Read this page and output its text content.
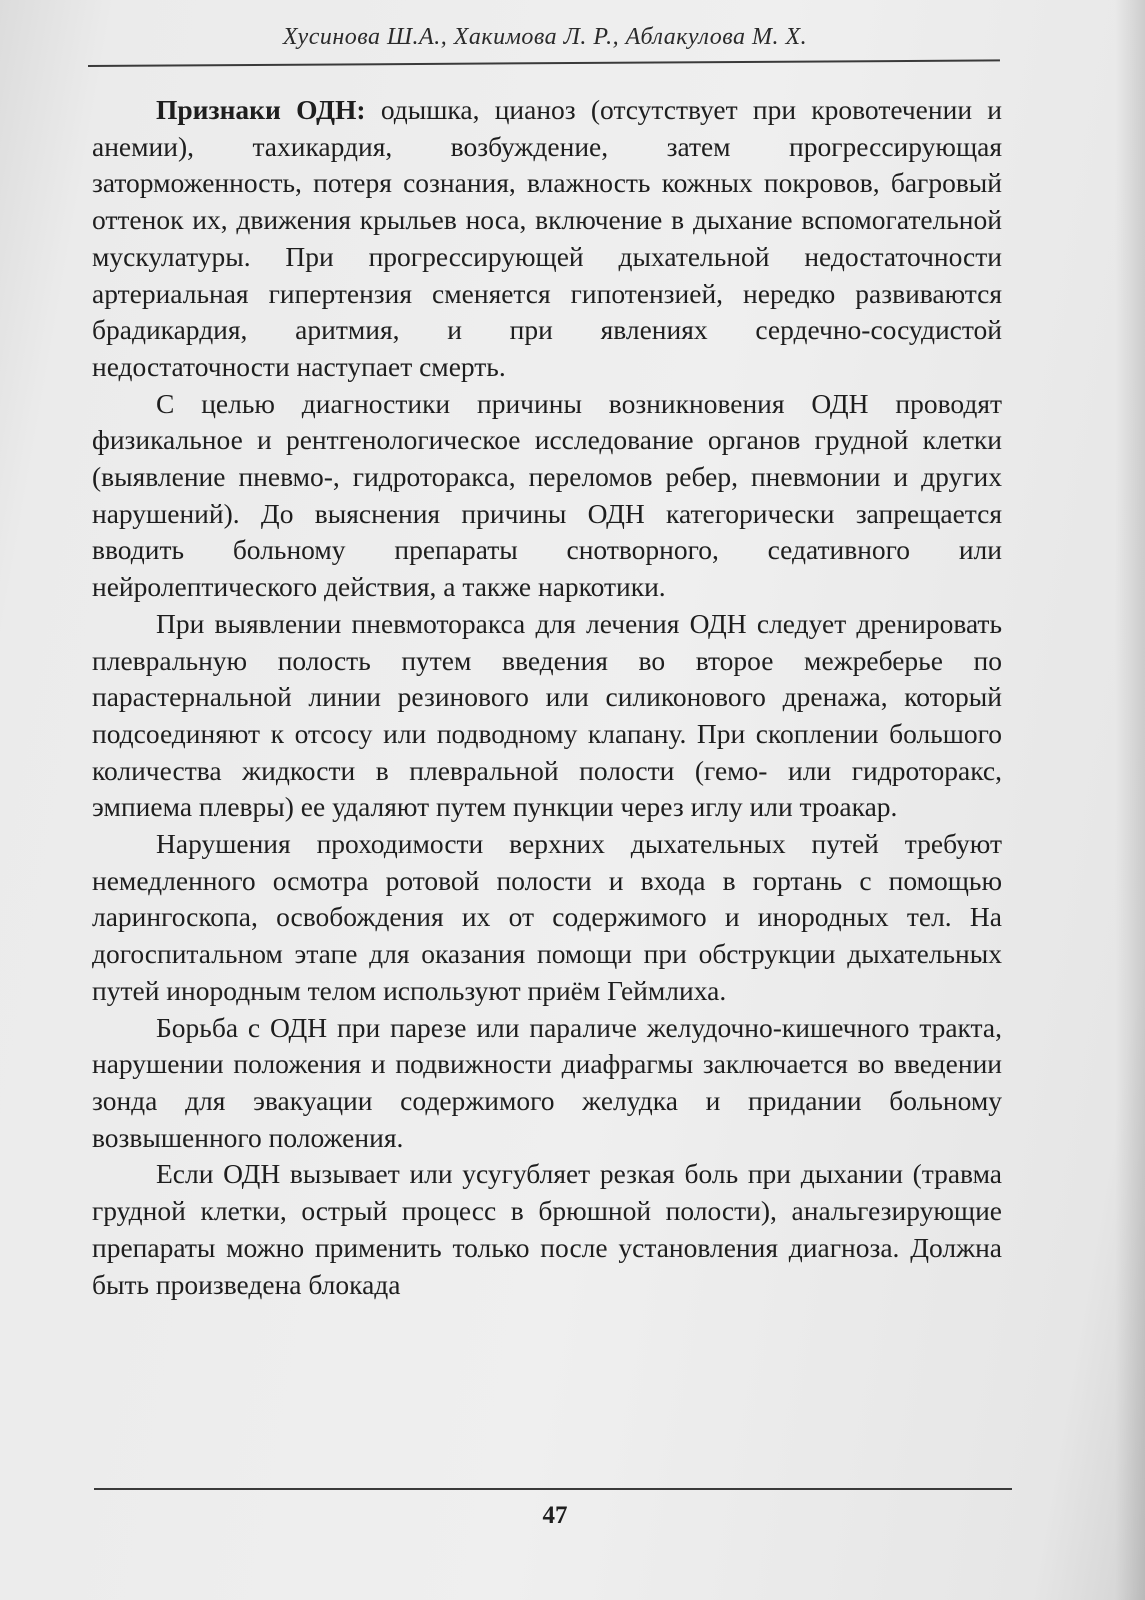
Хусинова Ш.А., Хакимова Л. Р., Аблакулова М. Х.

Признаки ОДН: одышка, цианоз (отсутствует при кровотечении и анемии), тахикардия, возбуждение, затем прогрессирующая заторможенность, потеря сознания, влажность кожных покровов, багровый оттенок их, движения крыльев носа, включение в дыхание вспомогательной мускулатуры. При прогрессирующей дыхательной недостаточности артериальная гипертензия сменяется гипотензией, нередко развиваются брадикардия, аритмия, и при явлениях сердечно-сосудистой недостаточности наступает смерть.

С целью диагностики причины возникновения ОДН проводят физикальное и рентгенологическое исследование органов грудной клетки (выявление пневмо-, гидроторакса, переломов ребер, пневмонии и других нарушений). До выяснения причины ОДН категорически запрещается вводить больному препараты снотворного, седативного или нейролептического действия, а также наркотики.

При выявлении пневмоторакса для лечения ОДН следует дренировать плевральную полость путем введения во второе межреберье по парастернальной линии резинового или силиконового дренажа, который подсоединяют к отсосу или подводному клапану. При скоплении большого количества жидкости в плевральной полости (гемо- или гидроторакс, эмпиема плевры) ее удаляют путем пункции через иглу или троакар.

Нарушения проходимости верхних дыхательных путей требуют немедленного осмотра ротовой полости и входа в гортань с помощью ларингоскопа, освобождения их от содержимого и инородных тел. На догоспитальном этапе для оказания помощи при обструкции дыхательных путей инородным телом используют приём Геймлиха.

Борьба с ОДН при парезе или параличе желудочно-кишечного тракта, нарушении положения и подвижности диафрагмы заключается во введении зонда для эвакуации содержимого желудка и придании больному возвышенного положения.

Если ОДН вызывает или усугубляет резкая боль при дыхании (травма грудной клетки, острый процесс в брюшной полости), анальгезирующие препараты можно применить только после установления диагноза. Должна быть произведена блокада

47
